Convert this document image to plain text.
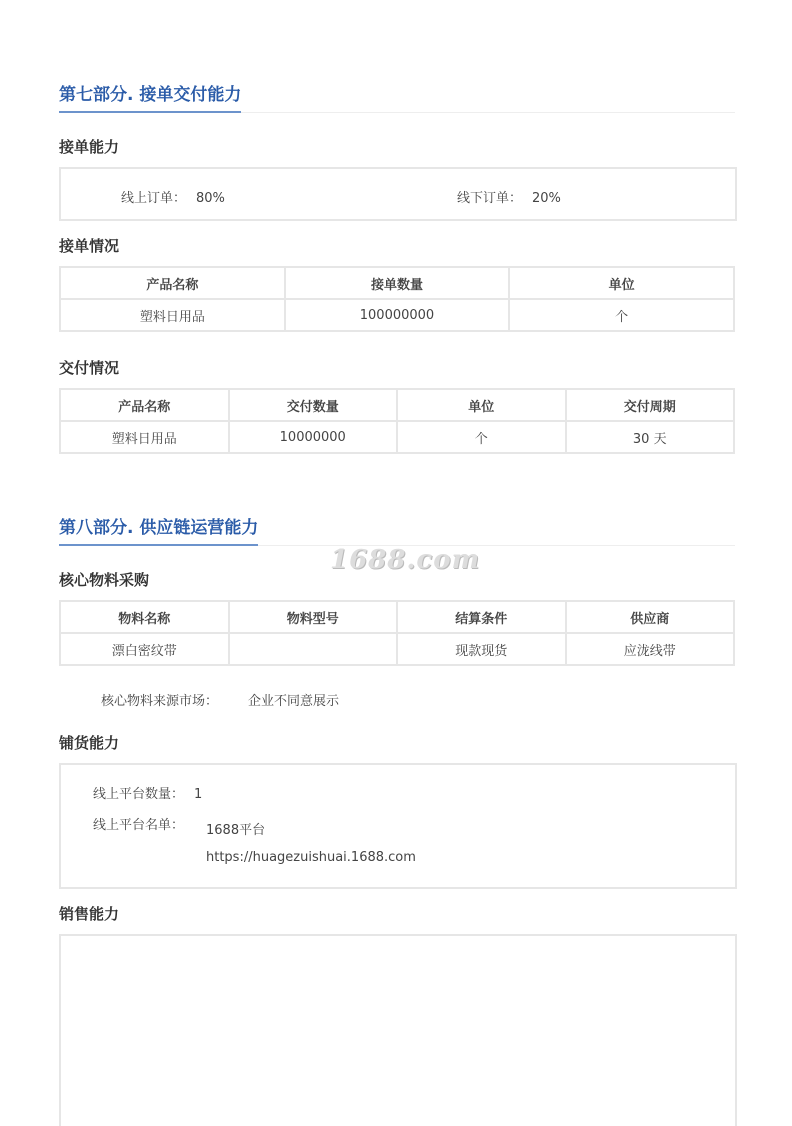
第七部分. 接单交付能力
接单能力
线上订单： 80%	线下订单： 20%
接单情况
产品名称	接单数量	单位
塑料日用品	100000000	个
交付情况
产品名称	交付数量	单位	交付周期
塑料日用品	10000000	个	30 天
第八部分. 供应链运营能力
核心物料采购
物料名称	物料型号	结算条件	供应商
漂白密纹带		现款现货	应泷线带
核心物料来源市场： 企业不同意展示
铺货能力
线上平台数量： 1
线上平台名单： 1688平台
https://huagezuishuai.1688.com
销售能力
1688.com
